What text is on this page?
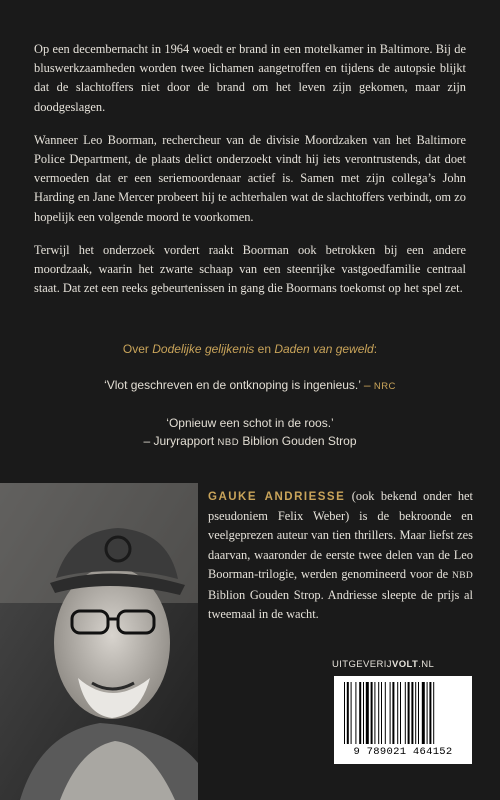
Op een decembernacht in 1964 woedt er brand in een motelkamer in Baltimore. Bij de bluswerkzaamheden worden twee lichamen aangetroffen en tijdens de autopsie blijkt dat de slachtoffers niet door de brand om het leven zijn gekomen, maar zijn doodgeslagen.

Wanneer Leo Boorman, rechercheur van de divisie Moordzaken van het Baltimore Police Department, de plaats delict onderzoekt vindt hij iets verontrustends, dat doet vermoeden dat er een seriemoordenaar actief is. Samen met zijn collega’s John Harding en Jane Mercer probeert hij te achterhalen wat de slachtoffers verbindt, om zo hopelijk een volgende moord te voorkomen.

Terwijl het onderzoek vordert raakt Boorman ook betrokken bij een andere moordzaak, waarin het zwarte schaap van een steenrijke vastgoedfamilie centraal staat. Dat zet een reeks gebeurtenissen in gang die Boormans toekomst op het spel zet.

Over Dodelijke gelijkenis en Daden van geweld:
‘Vlot geschreven en de ontknoping is ingenieus.’ – NRC
‘Opnieuw een schot in de roos.’
– Juryrapport NBD Biblion Gouden Strop
GAUKE ANDRIESSE (ook bekend onder het pseudoniem Felix Weber) is de bekroonde en veelgeprezen auteur van tien thrillers. Maar liefst zes daarvan, waaronder de eerste twee delen van de Leo Boorman-trilogie, werden genomineerd voor de NBD Biblion Gouden Strop. Andriesse sleepte de prijs al tweemaal in de wacht.
UITGEVERIJVOLT.NL
9 789021 464152
